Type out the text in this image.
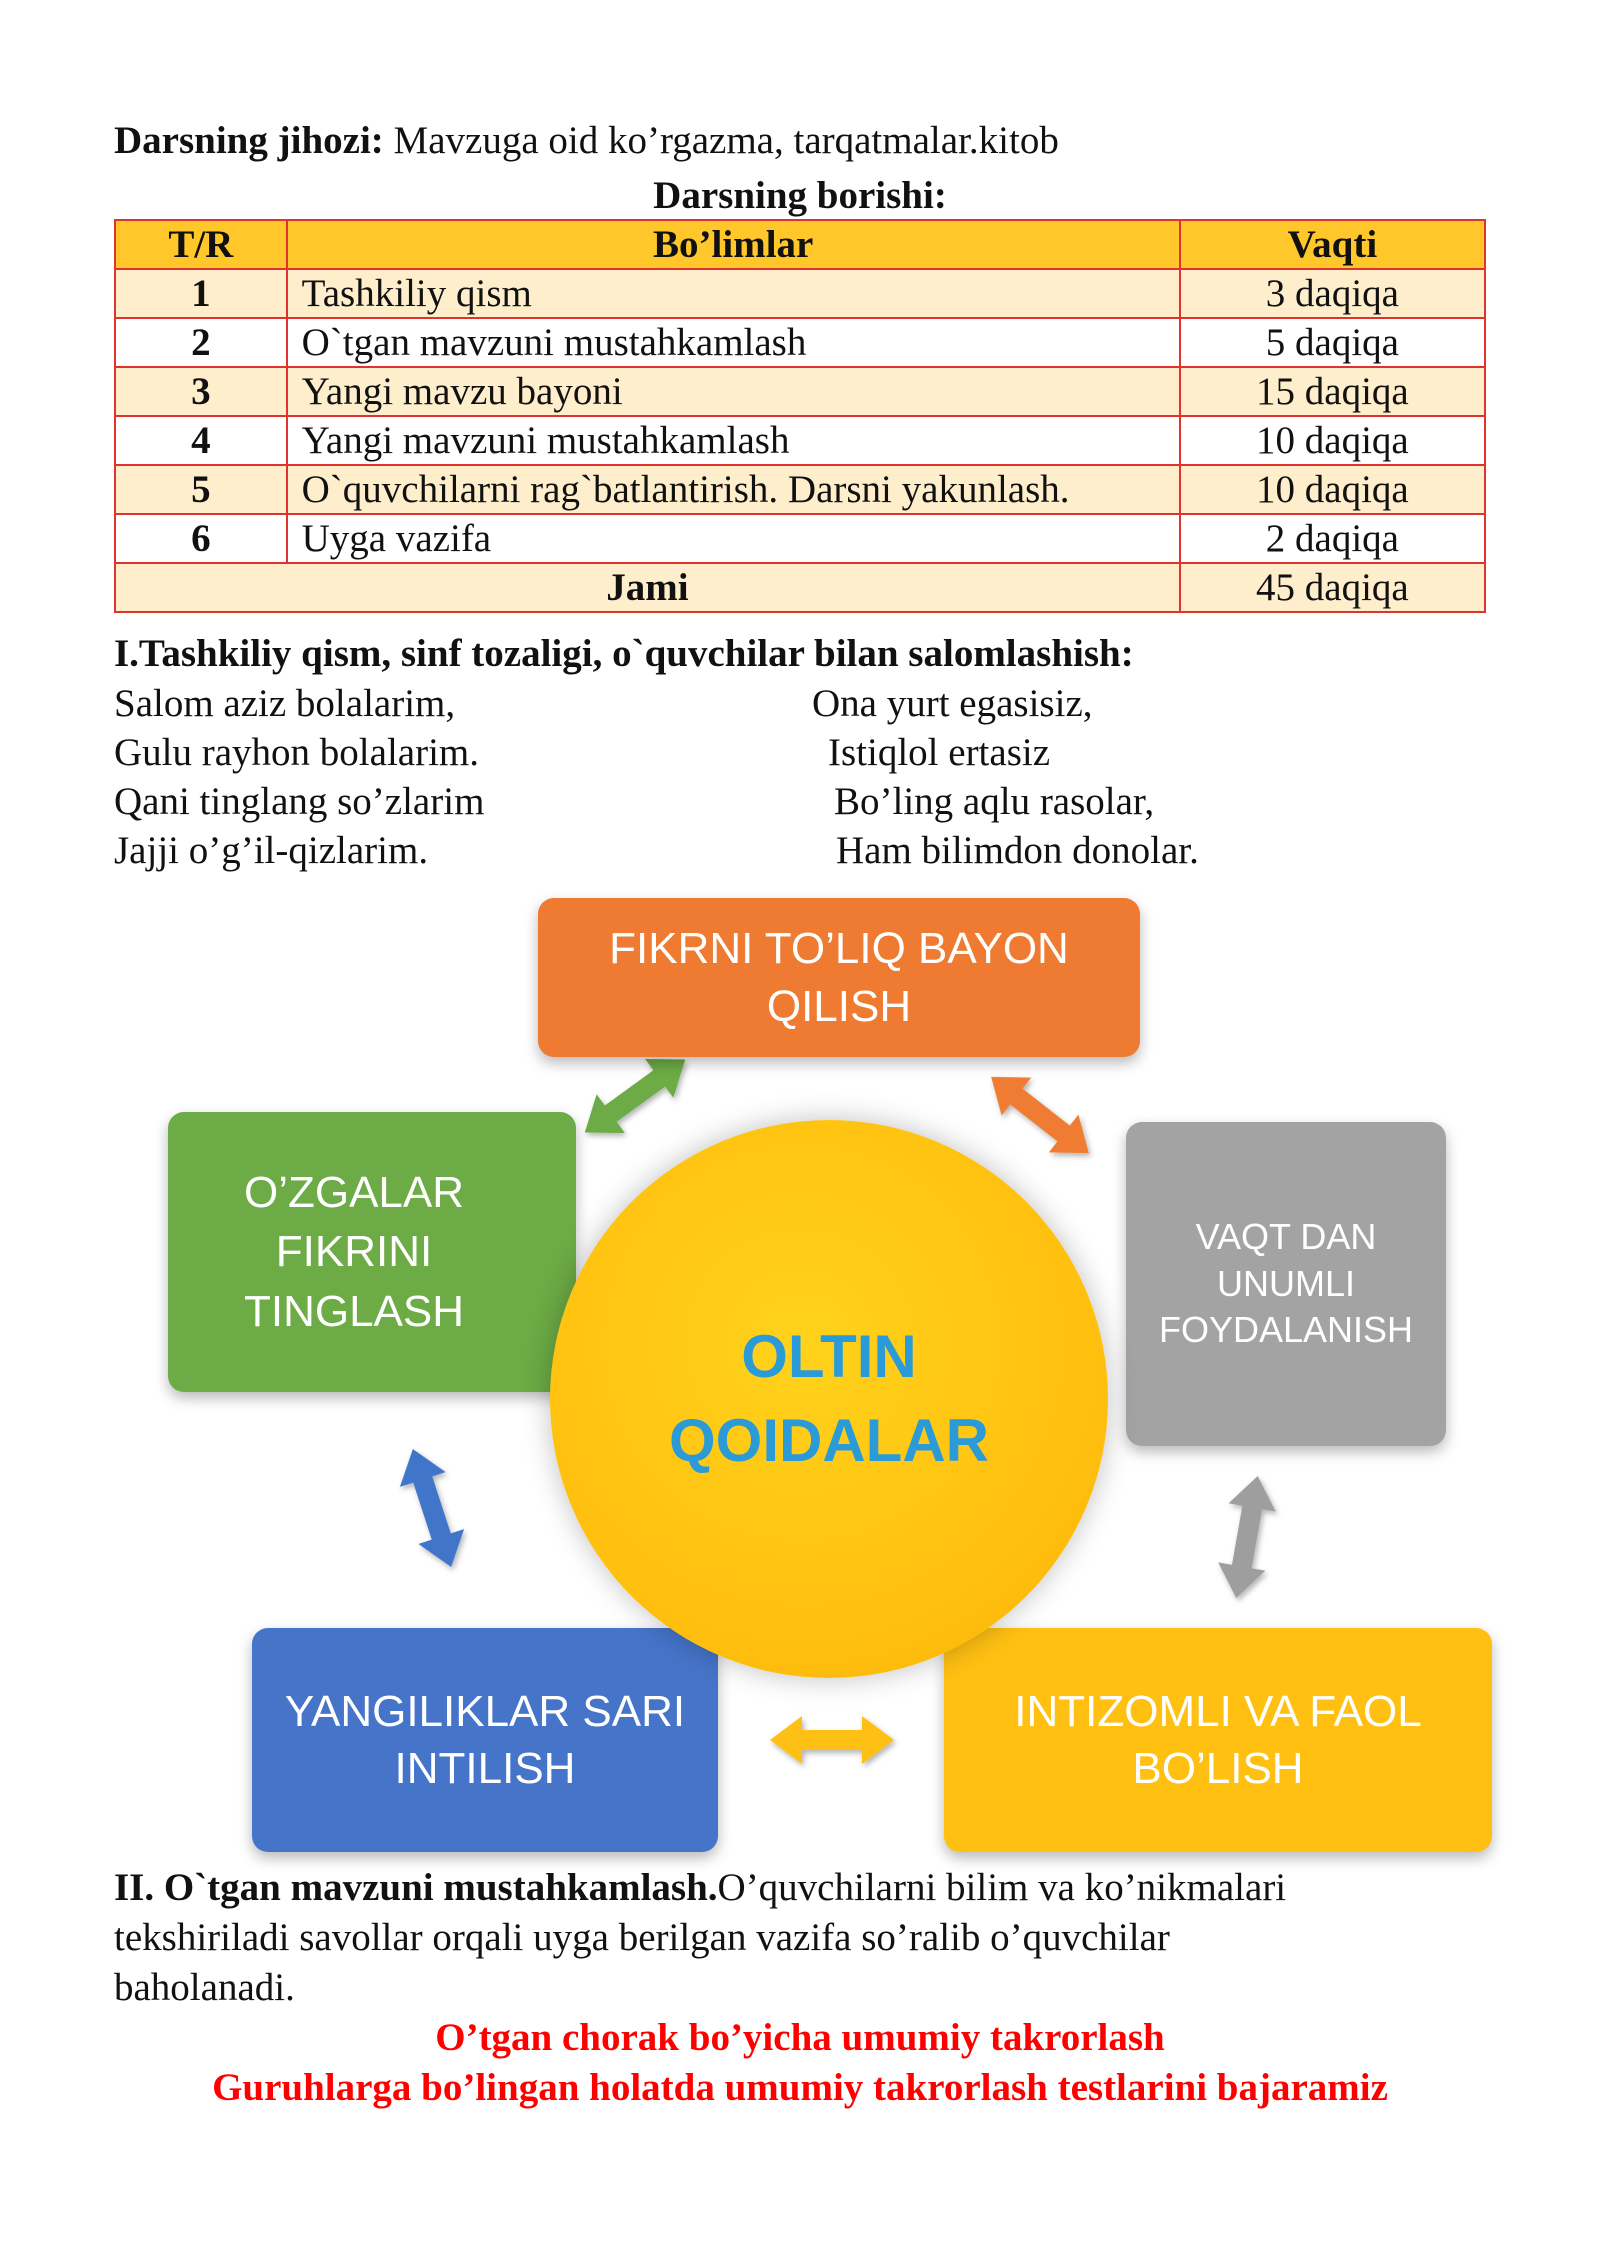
Darsning jihozi: Mavzuga oid ko’rgazma, tarqatmalar.kitob
Darsning borishi:
T/R	Bo’limlar	Vaqti
1	Tashkiliy qism	3 daqiqa
2	O`tgan mavzuni mustahkamlash	5 daqiqa
3	Yangi mavzu bayoni	15 daqiqa
4	Yangi mavzuni mustahkamlash	10 daqiqa
5	O`quvchilarni rag`batlantirish. Darsni yakunlash.	10 daqiqa
6	Uyga vazifa	2 daqiqa
Jami		45 daqiqa
I.Tashkiliy qism, sinf tozaligi, o`quvchilar bilan salomlashish:
Salom aziz bolalarim,
Gulu rayhon bolalarim.
Qani tinglang so’zlarim
Jajji o’g’il-qizlarim.
Ona yurt egasisiz,
Istiqlol ertasiz
Bo’ling aqlu rasolar,
Ham bilimdon donolar.
FIKRNI TO’LIQ BAYON
QILISH
O’ZGALAR
FIKRINI
TINGLASH
VAQT DAN
UNUMLI
FOYDALANISH
YANGILIKLAR SARI
INTILISH
INTIZOMLI VA FAOL
BO’LISH
OLTIN
QOIDALAR
II. O`tgan mavzuni mustahkamlash.O’quvchilarni bilim va ko’nikmalari
tekshiriladi savollar orqali uyga berilgan vazifa so’ralib o’quvchilar
baholanadi.
O’tgan chorak bo’yicha umumiy takrorlash
Guruhlarga bo’lingan holatda umumiy takrorlash testlarini bajaramiz
